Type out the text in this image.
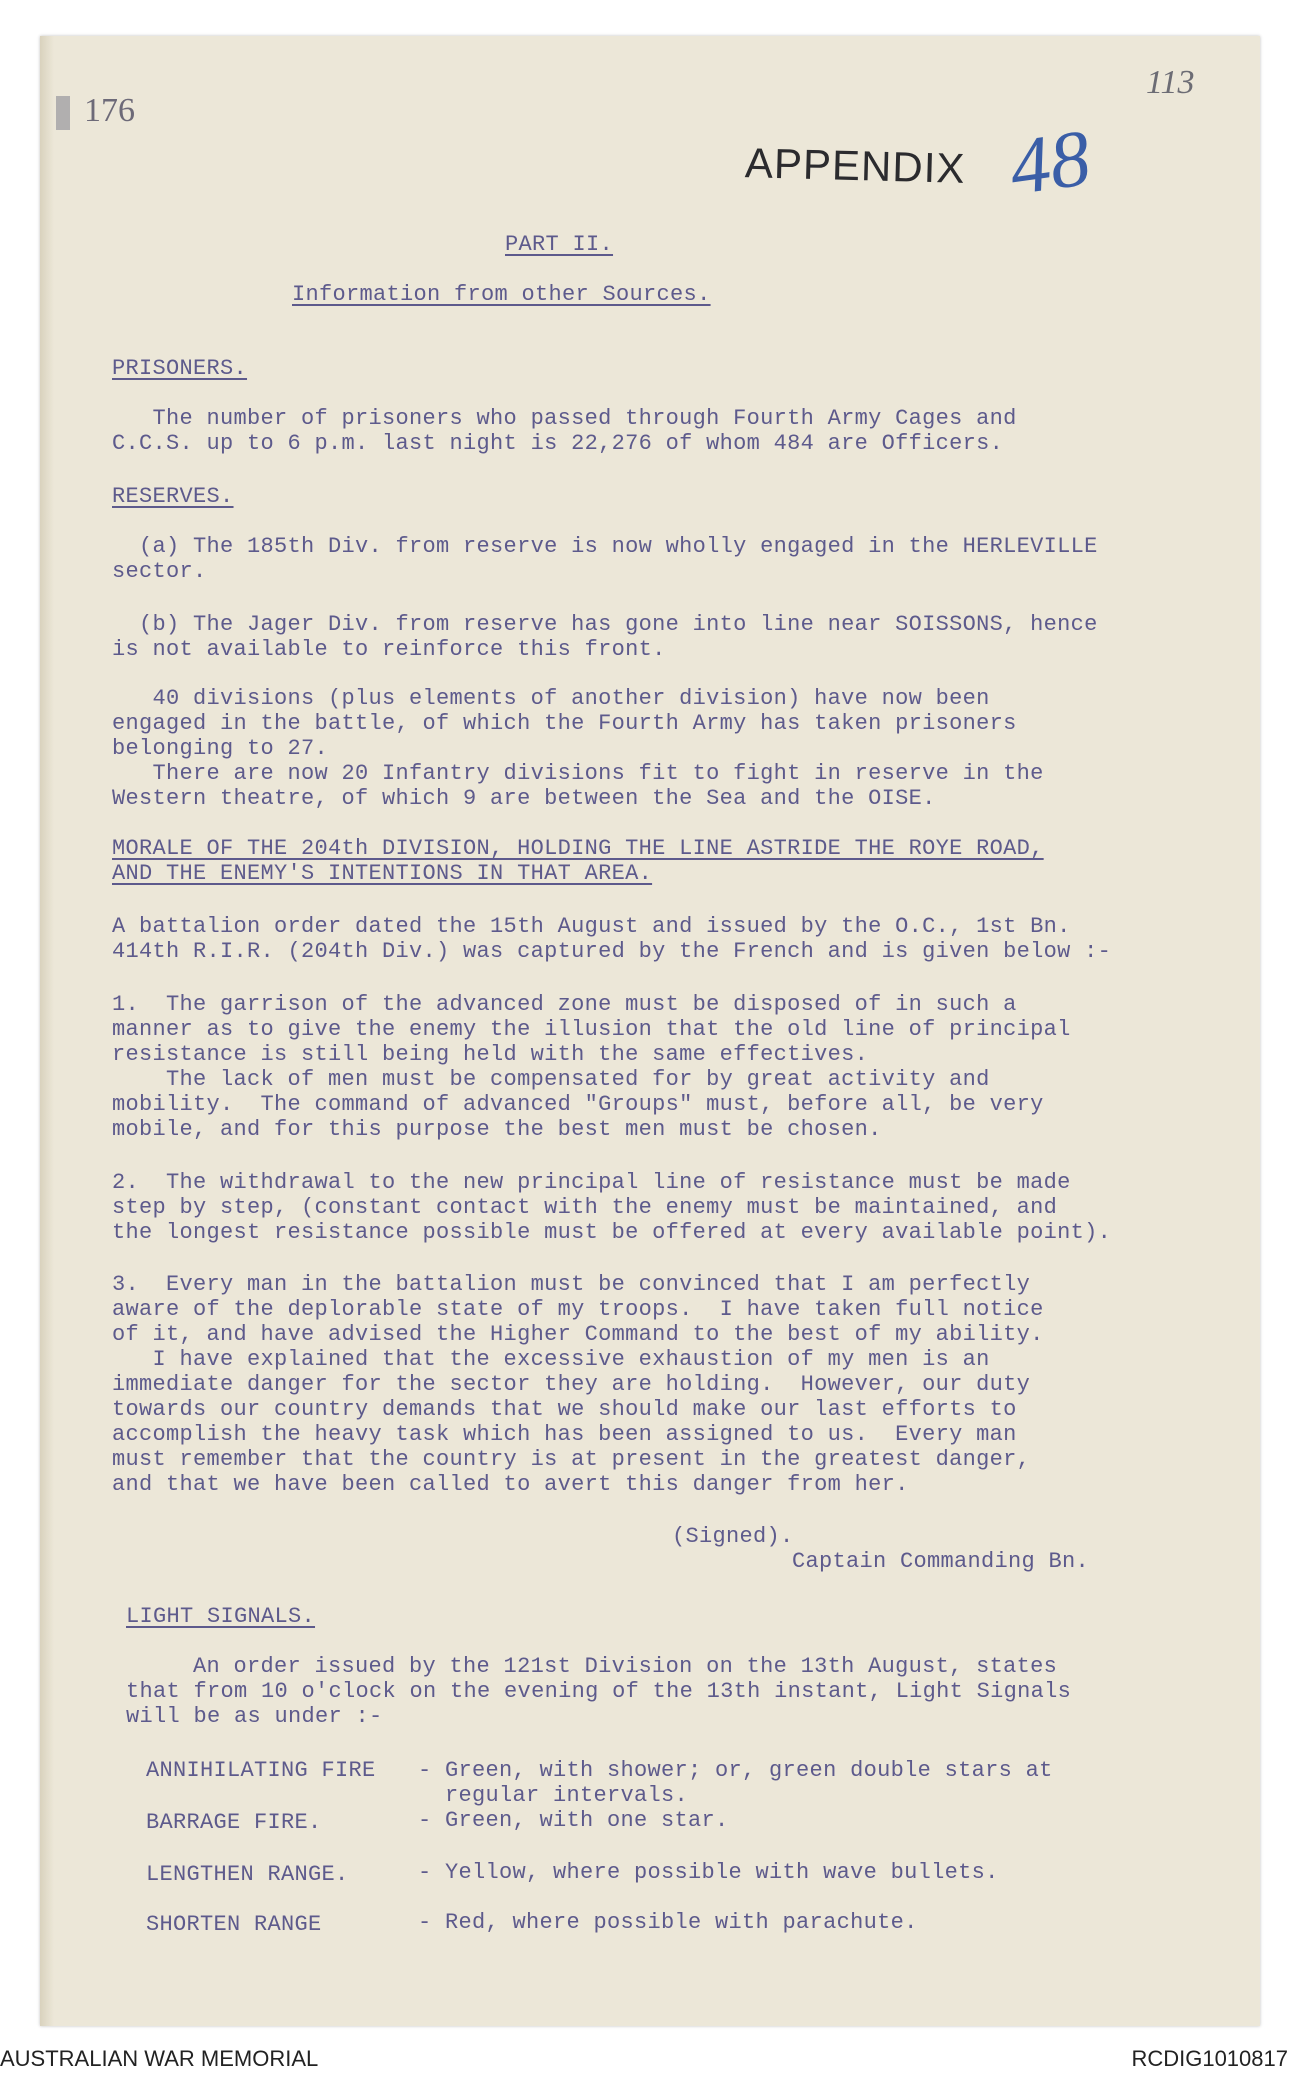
176
113
APPENDIX 48
PART II.
Information from other Sources.
PRISONERS.
The number of prisoners who passed through Fourth Army Cages and
C.C.S. up to 6 p.m. last night is 22,276 of whom 484 are Officers.
RESERVES.
(a) The 185th Div. from reserve is now wholly engaged in the HERLEVILLE
sector.
(b) The Jager Div. from reserve has gone into line near SOISSONS, hence
is not available to reinforce this front.
40 divisions (plus elements of another division) have now been
engaged in the battle, of which the Fourth Army has taken prisoners
belonging to 27.
There are now 20 Infantry divisions fit to fight in reserve in the
Western theatre, of which 9 are between the Sea and the OISE.
MORALE OF THE 204th DIVISION, HOLDING THE LINE ASTRIDE THE ROYE ROAD,
AND THE ENEMY'S INTENTIONS IN THAT AREA.
A battalion order dated the 15th August and issued by the O.C., 1st Bn.
414th R.I.R. (204th Div.) was captured by the French and is given below :-
1.  The garrison of the advanced zone must be disposed of in such a
manner as to give the enemy the illusion that the old line of principal
resistance is still being held with the same effectives.
The lack of men must be compensated for by great activity and
mobility.  The command of advanced "Groups" must, before all, be very
mobile, and for this purpose the best men must be chosen.
2.  The withdrawal to the new principal line of resistance must be made
step by step, (constant contact with the enemy must be maintained, and
the longest resistance possible must be offered at every available point).
3.  Every man in the battalion must be convinced that I am perfectly
aware of the deplorable state of my troops.  I have taken full notice
of it, and have advised the Higher Command to the best of my ability.
I have explained that the excessive exhaustion of my men is an
immediate danger for the sector they are holding.  However, our duty
towards our country demands that we should make our last efforts to
accomplish the heavy task which has been assigned to us.  Every man
must remember that the country is at present in the greatest danger,
and that we have been called to avert this danger from her.
(Signed).
Captain Commanding Bn.
LIGHT SIGNALS.
An order issued by the 121st Division on the 13th August, states
that from 10 o'clock on the evening of the 13th instant, Light Signals
will be as under :-
ANNIHILATING FIRE - Green, with shower; or, green double stars at
regular intervals.
BARRAGE FIRE.	- Green, with one star.
LENGTHEN RANGE.	- Yellow, where possible with wave bullets.
SHORTEN RANGE	- Red, where possible with parachute.
AUSTRALIAN WAR MEMORIAL	RCDIG1010817
